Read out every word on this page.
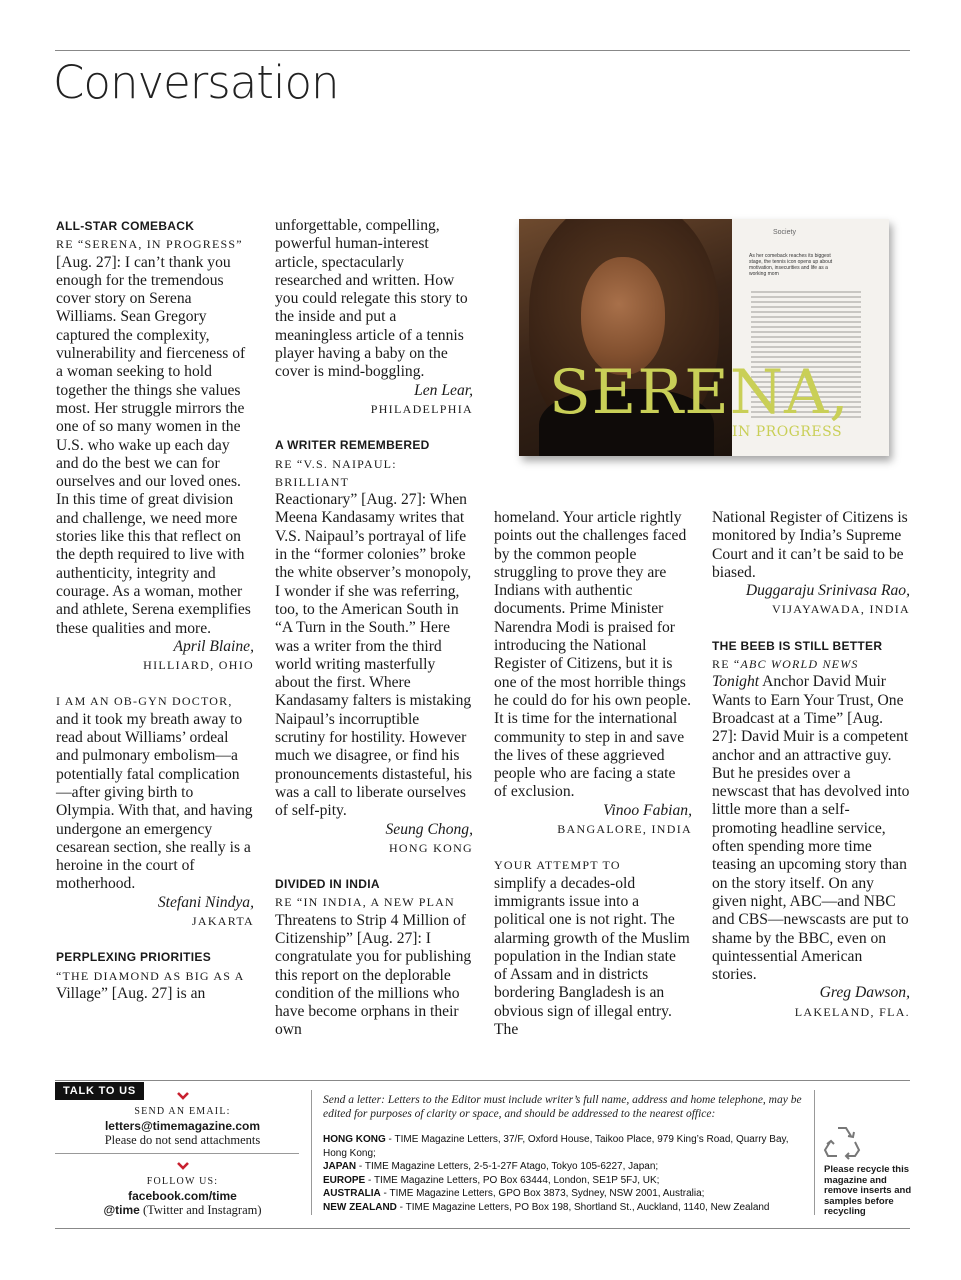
Conversation

ALL-STAR COMEBACK

RE “SERENA, IN PROGRESS”
[Aug. 27]: I can’t thank you enough for the tremendous cover story on Serena Williams. Sean Gregory captured the complexity, vulnerability and fierceness of a woman seeking to hold together the things she values most. Her struggle mirrors the one of so many women in the U.S. who wake up each day and do the best we can for ourselves and our loved ones. In this time of great division and challenge, we need more stories like this that reflect on the depth required to live with authenticity, integrity and courage. As a woman, mother and athlete, Serena exemplifies these qualities and more.

April Blaine,

HILLIARD, OHIO

I AM AN OB-GYN DOCTOR,
and it took my breath away to read about Williams’ ordeal and pulmonary embolism—a potentially fatal complication—after giving birth to Olympia. With that, and having undergone an emergency cesarean section, she really is a heroine in the court of motherhood.

Stefani Nindya,

JAKARTA

PERPLEXING PRIORITIES

“THE DIAMOND AS BIG AS A
Village” [Aug. 27] is an

unforgettable, compelling, powerful human-interest article, spectacularly researched and written. How you could relegate this story to the inside and put a meaningless article of a tennis player having a baby on the cover is mind-boggling.

Len Lear,

PHILADELPHIA

A WRITER REMEMBERED

RE “V.S. NAIPAUL: BRILLIANT
Reactionary” [Aug. 27]: When Meena Kandasamy writes that V.S. Naipaul’s portrayal of life in the “former colonies” broke the white observer’s monopoly, I wonder if she was referring, too, to the American South in “A Turn in the South.” Here was a writer from the third world writing masterfully about the first. Where Kandasamy falters is mistaking Naipaul’s incorruptible scrutiny for hostility. However much we disagree, or find his pronouncements distasteful, his was a call to liberate ourselves of self-pity.

Seung Chong,

HONG KONG

DIVIDED IN INDIA

RE “IN INDIA, A NEW PLAN
Threatens to Strip 4 Million of Citizenship” [Aug. 27]: I congratulate you for publishing this report on the deplorable condition of the millions who have become orphans in their own

Society
As her comeback reaches its biggest stage, the tennis icon opens up about motivation, insecurities and life as a working mom
SERENA,
IN PROGRESS

homeland. Your article rightly points out the challenges faced by the common people struggling to prove they are Indians with authentic documents. Prime Minister Narendra Modi is praised for introducing the National Register of Citizens, but it is one of the most horrible things he could do for his own people. It is time for the international community to step in and save the lives of these aggrieved people who are facing a state of exclusion.

Vinoo Fabian,

BANGALORE, INDIA

YOUR ATTEMPT TO
simplify a decades-old immigrants issue into a political one is not right. The alarming growth of the Muslim population in the Indian state of Assam and in districts bordering Bangladesh is an obvious sign of illegal entry. The

National Register of Citizens is monitored by India’s Supreme Court and it can’t be said to be biased.

Duggaraju Srinivasa Rao,

VIJAYAWADA, INDIA

THE BEEB IS STILL BETTER

RE “ABC WORLD NEWS
Tonight Anchor David Muir Wants to Earn Your Trust, One Broadcast at a Time” [Aug. 27]: David Muir is a competent anchor and an attractive guy. But he presides over a newscast that has devolved into little more than a self-promoting headline service, often spending more time teasing an upcoming story than on the story itself. On any given night, ABC—and NBC and CBS—newscasts are put to shame by the BBC, even on quintessential American stories.

Greg Dawson,

LAKELAND, FLA.

TALK TO US
SEND AN EMAIL:
letters@timemagazine.com
Please do not send attachments
FOLLOW US:
facebook.com/time
@time (Twitter and Instagram)
Send a letter: Letters to the Editor must include writer’s full name, address and home telephone, may be edited for purposes of clarity or space, and should be addressed to the nearest office:

HONG KONG - TIME Magazine Letters, 37/F, Oxford House, Taikoo Place, 979 King’s Road, Quarry Bay, Hong Kong;

JAPAN - TIME Magazine Letters, 2-5-1-27F Atago, Tokyo 105-6227, Japan;

EUROPE - TIME Magazine Letters, PO Box 63444, London, SE1P 5FJ, UK;

AUSTRALIA - TIME Magazine Letters, GPO Box 3873, Sydney, NSW 2001, Australia;

NEW ZEALAND - TIME Magazine Letters, PO Box 198, Shortland St., Auckland, 1140, New Zealand

Please recycle this magazine and remove inserts and samples before recycling
